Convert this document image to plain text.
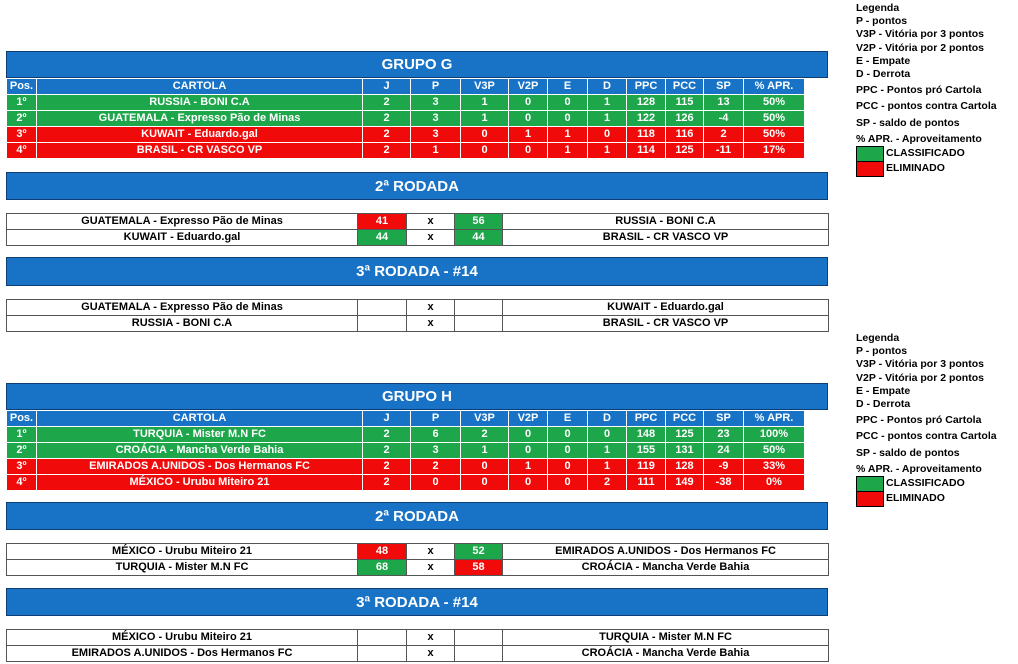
Legenda
P - pontos
V3P - Vitória por 3 pontos
V2P - Vitória por 2 pontos
E - Empate
D - Derrota
PPC - Pontos pró Cartola
PCC - pontos contra Cartola
SP - saldo de pontos
% APR. - Aproveitamento
CLASSIFICADO
ELIMINADO
Legenda
P - pontos
V3P - Vitória por 3 pontos
V2P - Vitória por 2 pontos
E - Empate
D - Derrota
PPC - Pontos pró Cartola
PCC - pontos contra Cartola
SP - saldo de pontos
% APR. - Aproveitamento
CLASSIFICADO
ELIMINADO
GRUPO G
Pos.	CARTOLA	J	P	V3P	V2P	E	D	PPC	PCC	SP	% APR.
1º	RUSSIA - BONI C.A	2	3	1	0	0	1	128	115	13	50%
2º	GUATEMALA - Expresso Pão de Minas	2	3	1	0	0	1	122	126	-4	50%
3º	KUWAIT - Eduardo.gal	2	3	0	1	1	0	118	116	2	50%
4º	BRASIL - CR VASCO VP	2	1	0	0	1	1	114	125	-11	17%
2ª RODADA
GUATEMALA - Expresso Pão de Minas	41	x	56	RUSSIA - BONI C.A
KUWAIT - Eduardo.gal	44	x	44	BRASIL - CR VASCO VP
3ª RODADA - #14
GUATEMALA - Expresso Pão de Minas		x		KUWAIT - Eduardo.gal
RUSSIA - BONI C.A		x		BRASIL - CR VASCO VP
GRUPO H
Pos.	CARTOLA	J	P	V3P	V2P	E	D	PPC	PCC	SP	% APR.
1º	TURQUIA - Mister M.N FC	2	6	2	0	0	0	148	125	23	100%
2º	CROÁCIA - Mancha Verde Bahia	2	3	1	0	0	1	155	131	24	50%
3º	EMIRADOS A.UNIDOS - Dos Hermanos FC	2	2	0	1	0	1	119	128	-9	33%
4º	MÉXICO - Urubu Miteiro 21	2	0	0	0	0	2	111	149	-38	0%
2ª RODADA
MÉXICO - Urubu Miteiro 21	48	x	52	EMIRADOS A.UNIDOS - Dos Hermanos FC
TURQUIA - Mister M.N FC	68	x	58	CROÁCIA - Mancha Verde Bahia
3ª RODADA - #14
MÉXICO - Urubu Miteiro 21		x		TURQUIA - Mister M.N FC
EMIRADOS A.UNIDOS - Dos Hermanos FC		x		CROÁCIA - Mancha Verde Bahia
